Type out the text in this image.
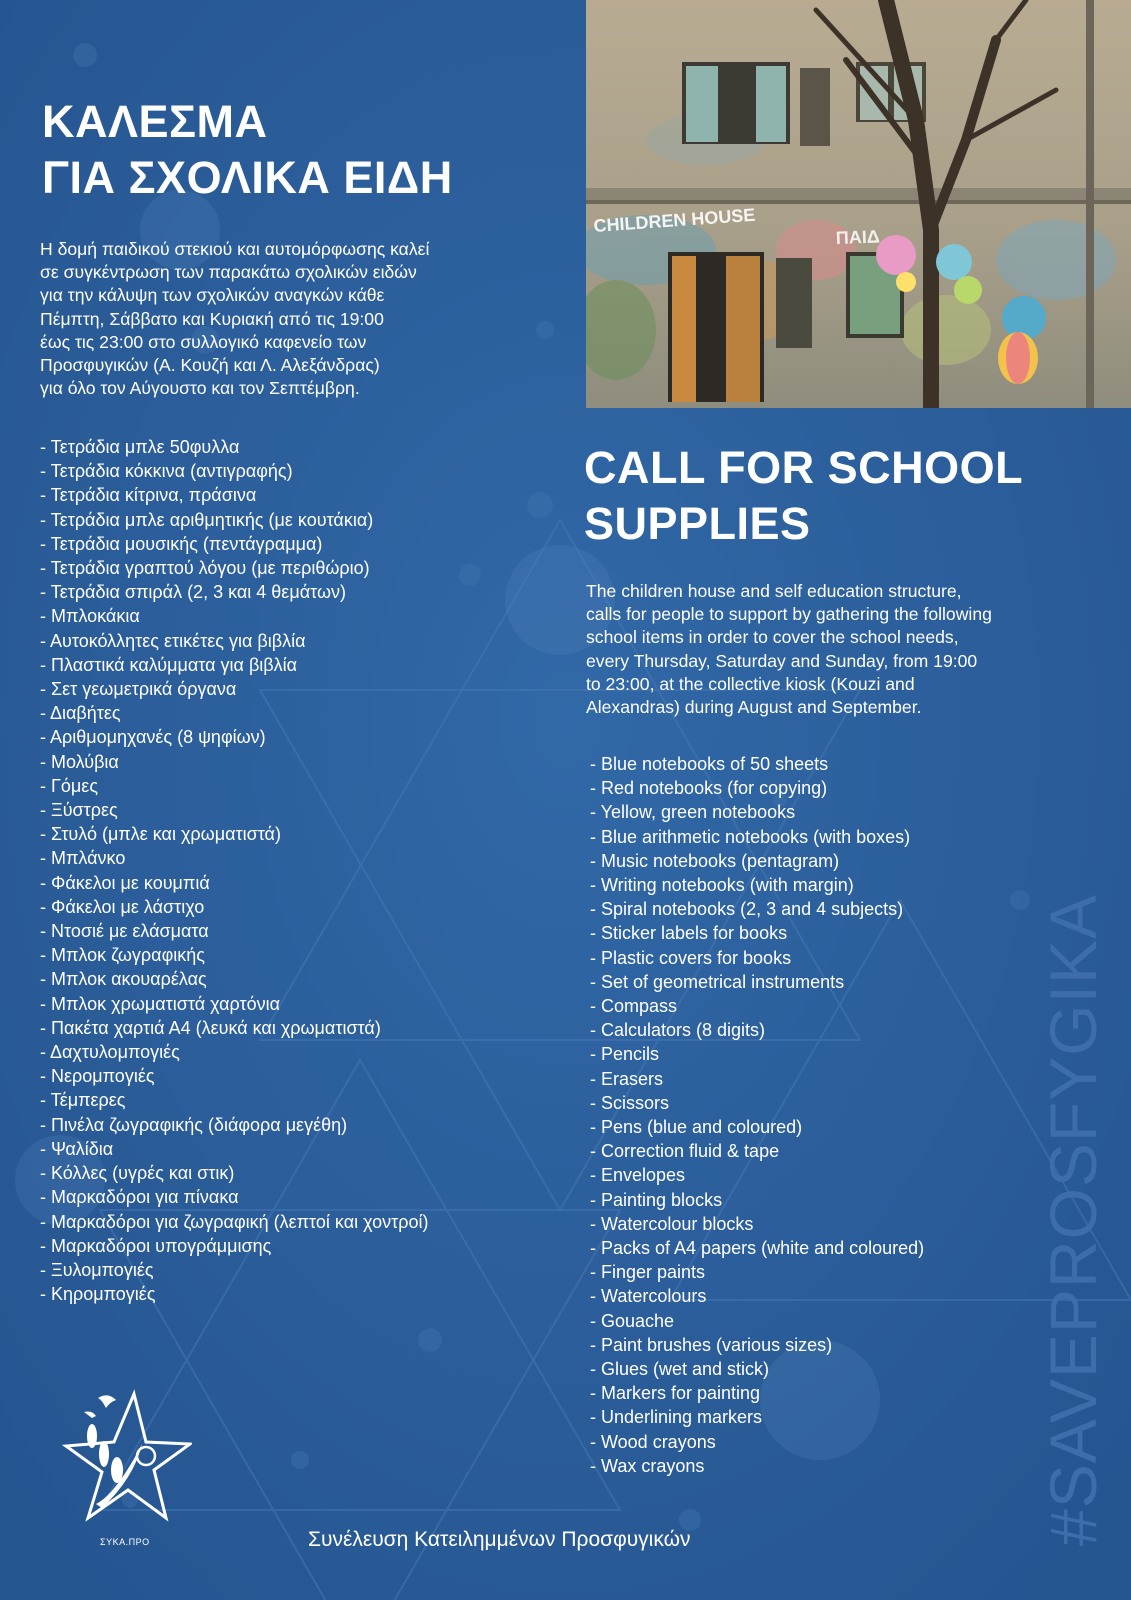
ΚΑΛΕΣΜΑ
ΓΙΑ ΣΧΟΛΙΚΑ ΕΙΔΗ

Η δομή παιδικού στεκιού και αυτομόρφωσης καλεί
σε συγκέντρωση των παρακάτω σχολικών ειδών
για την κάλυψη των σχολικών αναγκών κάθε
Πέμπτη, Σάββατο και Κυριακή από τις 19:00
έως τις 23:00 στο συλλογικό καφενείο των
Προσφυγικών (Α. Κουζή και Λ. Αλεξάνδρας)
για όλο τον Αύγουστο και τον Σεπτέμβρη.

- Τετράδια μπλε 50φυλλα
- Τετράδια κόκκινα (αντιγραφής)
- Τετράδια κίτρινα, πράσινα
- Τετράδια μπλε αριθμητικής (με κουτάκια)
- Τετράδια μουσικής (πεντάγραμμα)
- Τετράδια γραπτού λόγου (με περιθώριο)
- Τετράδια σπιράλ (2, 3 και 4 θεμάτων)
- Μπλοκάκια
- Αυτοκόλλητες ετικέτες για βιβλία
- Πλαστικά καλύμματα για βιβλία
- Σετ γεωμετρικά όργανα
- Διαβήτες
- Αριθμομηχανές (8 ψηφίων)
- Μολύβια
- Γόμες
- Ξύστρες
- Στυλό (μπλε και χρωματιστά)
- Μπλάνκο
- Φάκελοι με κουμπιά
- Φάκελοι με λάστιχο
- Ντοσιέ με ελάσματα
- Μπλοκ ζωγραφικής
- Μπλοκ ακουαρέλας
- Μπλοκ χρωματιστά χαρτόνια
- Πακέτα χαρτιά Α4 (λευκά και χρωματιστά)
- Δαχτυλομπογιές
- Νερομπογιές
- Τέμπερες
- Πινέλα ζωγραφικής (διάφορα μεγέθη)
- Ψαλίδια
- Κόλλες (υγρές και στικ)
- Μαρκαδόροι για πίνακα
- Μαρκαδόροι για ζωγραφική (λεπτοί και χοντροί)
- Μαρκαδόροι υπογράμμισης
- Ξυλομπογιές
- Κηρομπογιές
CHILDREN HOUSE
ΠΑΙΔ
CALL FOR SCHOOL
SUPPLIES

The children house and self education structure,
calls for people to support by gathering the following
school items in order to cover the school needs,
every Thursday, Saturday and Sunday, from 19:00
to 23:00, at the collective kiosk (Kouzi and
Alexandras) during August and September.

- Blue notebooks of 50 sheets
- Red notebooks (for copying)
- Yellow, green notebooks
- Blue arithmetic notebooks (with boxes)
- Music notebooks (pentagram)
- Writing notebooks (with margin)
- Spiral notebooks (2, 3 and 4 subjects)
- Sticker labels for books
- Plastic covers for books
- Set of geometrical instruments
- Compass
- Calculators (8 digits)
- Pencils
- Erasers
- Scissors
- Pens (blue and coloured)
- Correction fluid & tape
- Envelopes
- Painting blocks
- Watercolour blocks
- Packs of A4 papers (white and coloured)
- Finger paints
- Watercolours
- Gouache
- Paint brushes (various sizes)
- Glues (wet and stick)
- Markers for painting
- Underlining markers
- Wood crayons
- Wax crayons	#SAVEPROSFYGIKA
ΣΥΚΑ.ΠΡΟ	Συνέλευση Κατειλημμένων Προσφυγικών
